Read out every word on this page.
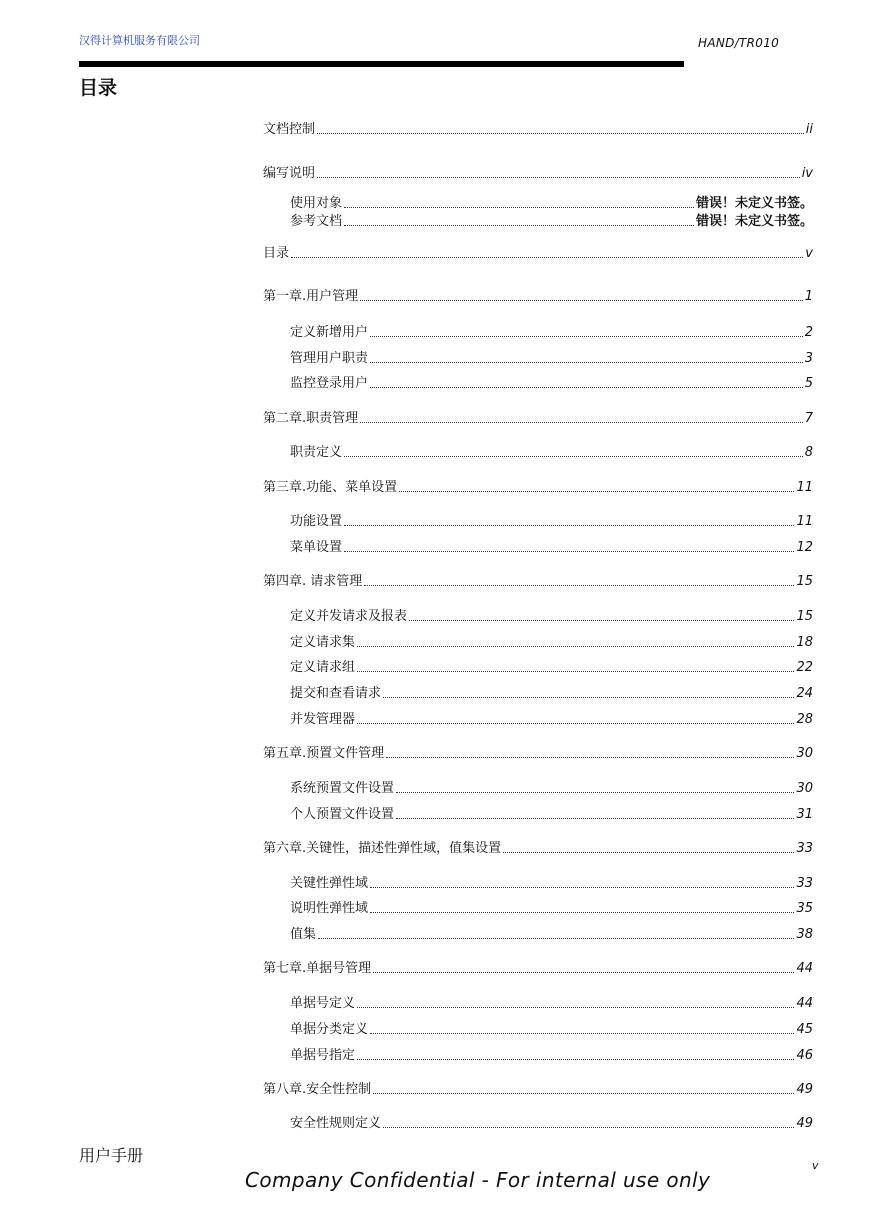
汉得计算机服务有限公司	HAND/TR010
目录
文档控制	ii
编写说明	iv
使用对象	错误！未定义书签。
参考文档	错误！未定义书签。
目录	v
第一章.用户管理	1
定义新增用户	2
管理用户职责	3
监控登录用户	5
第二章.职责管理	7
职责定义	8
第三章.功能、菜单设置	11
功能设置	11
菜单设置	12
第四章. 请求管理	15
定义并发请求及报表	15
定义请求集	18
定义请求组	22
提交和查看请求	24
并发管理器	28
第五章.预置文件管理	30
系统预置文件设置	30
个人预置文件设置	31
第六章.关键性，描述性弹性域，值集设置	33
关键性弹性域	33
说明性弹性域	35
值集	38
第七章.单据号管理	44
单据号定义	44
单据分类定义	45
单据号指定	46
第八章.安全性控制	49
安全性规则定义	49
用户手册
v
Company Confidential - For internal use only
